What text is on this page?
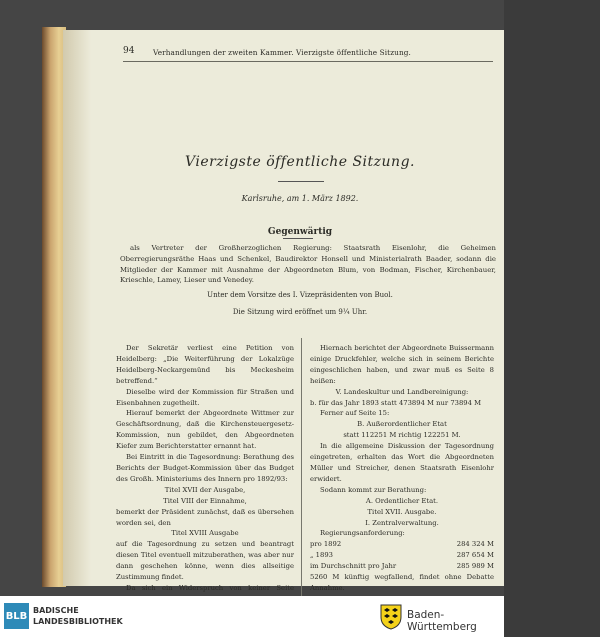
94	Verhandlungen der zweiten Kammer. Vierzigste öffentliche Sitzung.
Vierzigste öffentliche Sitzung.
Karlsruhe, am 1. März 1892.
Gegenwärtig
als Vertreter der Großherzoglichen Regierung: Staatsrath Eisenlohr, die Geheimen Oberregierungsräthe Haas und Schenkel, Baudirektor Honsell und Ministerialrath Baader, sodann die Mitglieder der Kammer mit Ausnahme der Abgeordneten Blum, von Bodman, Fischer, Kirchenbauer, Krieschle, Lamey, Lieser und Venedey.
Unter dem Vorsitze des I. Vizepräsidenten von Buol.
Die Sitzung wird eröffnet um 9¼ Uhr.

Der Sekretär verliest eine Petition von Heidelberg: „Die Weiterführung der Lokalzüge Heidelberg-Neckargemünd bis Meckesheim betreffend.“

Dieselbe wird der Kommission für Straßen und Eisenbahnen zugetheilt.

Hierauf bemerkt der Abgeordnete Wittmer zur Geschäftsordnung, daß die Kirchensteuergesetz-Kommission, nun gebildet, den Abgeordneten Kiefer zum Berichterstatter ernannt hat.

Bei Eintritt in die Tagesordnung: Berathung des Berichts der Budget-Kommission über das Budget des Großh. Ministeriums des Innern pro 1892/93:

Titel XVII der Ausgabe,

Titel VIII der Einnahme,

bemerkt der Präsident zunächst, daß es übersehen worden sei, den

Titel XVIII Ausgabe

auf die Tagesordnung zu setzen und beantragt diesen Titel eventuell mitzuberathen, was aber nur dann geschehen könne, wenn dies allseitige Zustimmung findet.

Da sich ein Widerspruch von keiner Seite

Hiernach berichtet der Abgeordnete Buissermann einige Druckfehler, welche sich in seinem Berichte eingeschlichen haben, und zwar muß es Seite 8 heißen:

V. Landeskultur und Landbereinigung:

b. für das Jahr 1893 statt 473894 M nur 73894 M

Ferner auf Seite 15:

B. Außerordentlicher Etat

statt 112251 M richtig 122251 M.

In die allgemeine Diskussion der Tagesordnung eingetreten, erhalten das Wort die Abgeordneten Müller und Streicher, denen Staatsrath Eisenlohr erwidert.

Sodann kommt zur Berathung:

A. Ordentlicher Etat.

Titel XVII. Ausgabe.

I. Zentralverwaltung.

Regierungsanforderung:

pro 1892	284 324 M
„ 1893	287 654 M
im Durchschnitt pro Jahr	285 989 M

5260 M künftig wegfallend, findet ohne Debatte Annahme.

BLB BADISCHE
LANDESBIBLIOTHEK
Baden-Württemberg
